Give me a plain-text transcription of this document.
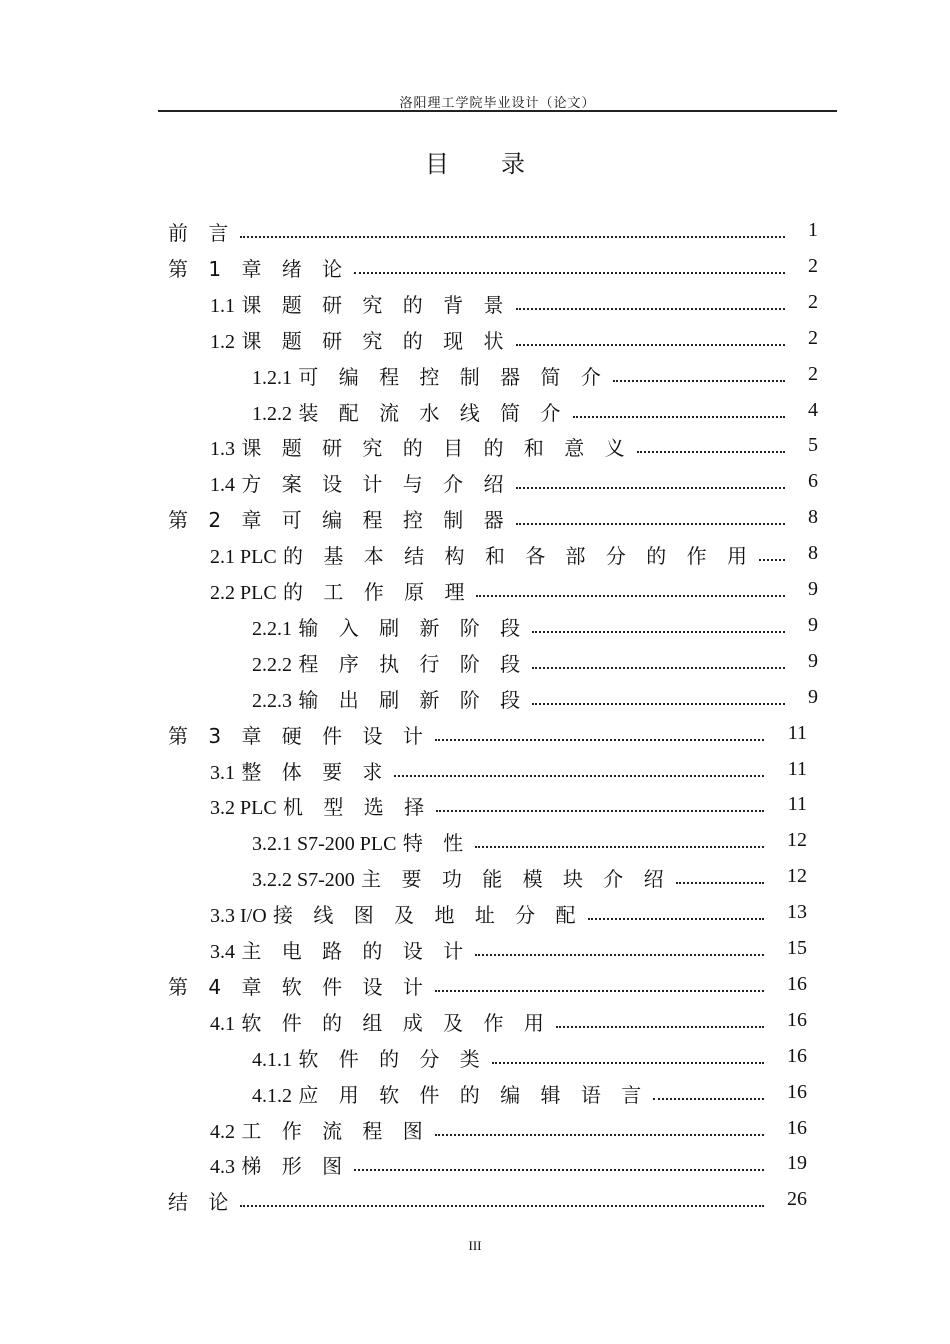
洛阳理工学院毕业设计（论文）
目 录
前 言	1
第 1 章 绪 论	2
1.1 课 题 研 究 的 背 景	2
1.2 课 题 研 究 的 现 状	2
1.2.1 可 编 程 控 制 器 简 介	2
1.2.2 装 配 流 水 线 简 介	4
1.3 课 题 研 究 的 目 的 和 意 义	5
1.4 方 案 设 计 与 介 绍	6
第 2 章 可 编 程 控 制 器	8
2.1 PLC 的 基 本 结 构 和 各 部 分 的 作 用	8
2.2 PLC 的 工 作 原 理	9
2.2.1 输 入 刷 新 阶 段	9
2.2.2 程 序 执 行 阶 段	9
2.2.3 输 出 刷 新 阶 段	9
第 3 章 硬 件 设 计	11
3.1 整 体 要 求	11
3.2 PLC 机 型 选 择	11
3.2.1 S7-200 PLC 特 性	12
3.2.2 S7-200 主 要 功 能 模 块 介 绍	12
3.3 I/O 接 线 图 及 地 址 分 配	13
3.4 主 电 路 的 设 计	15
第 4 章 软 件 设 计	16
4.1 软 件 的 组 成 及 作 用	16
4.1.1 软 件 的 分 类	16
4.1.2 应 用 软 件 的 编 辑 语 言	16
4.2 工 作 流 程 图	16
4.3 梯 形 图	19
结 论	26
III
